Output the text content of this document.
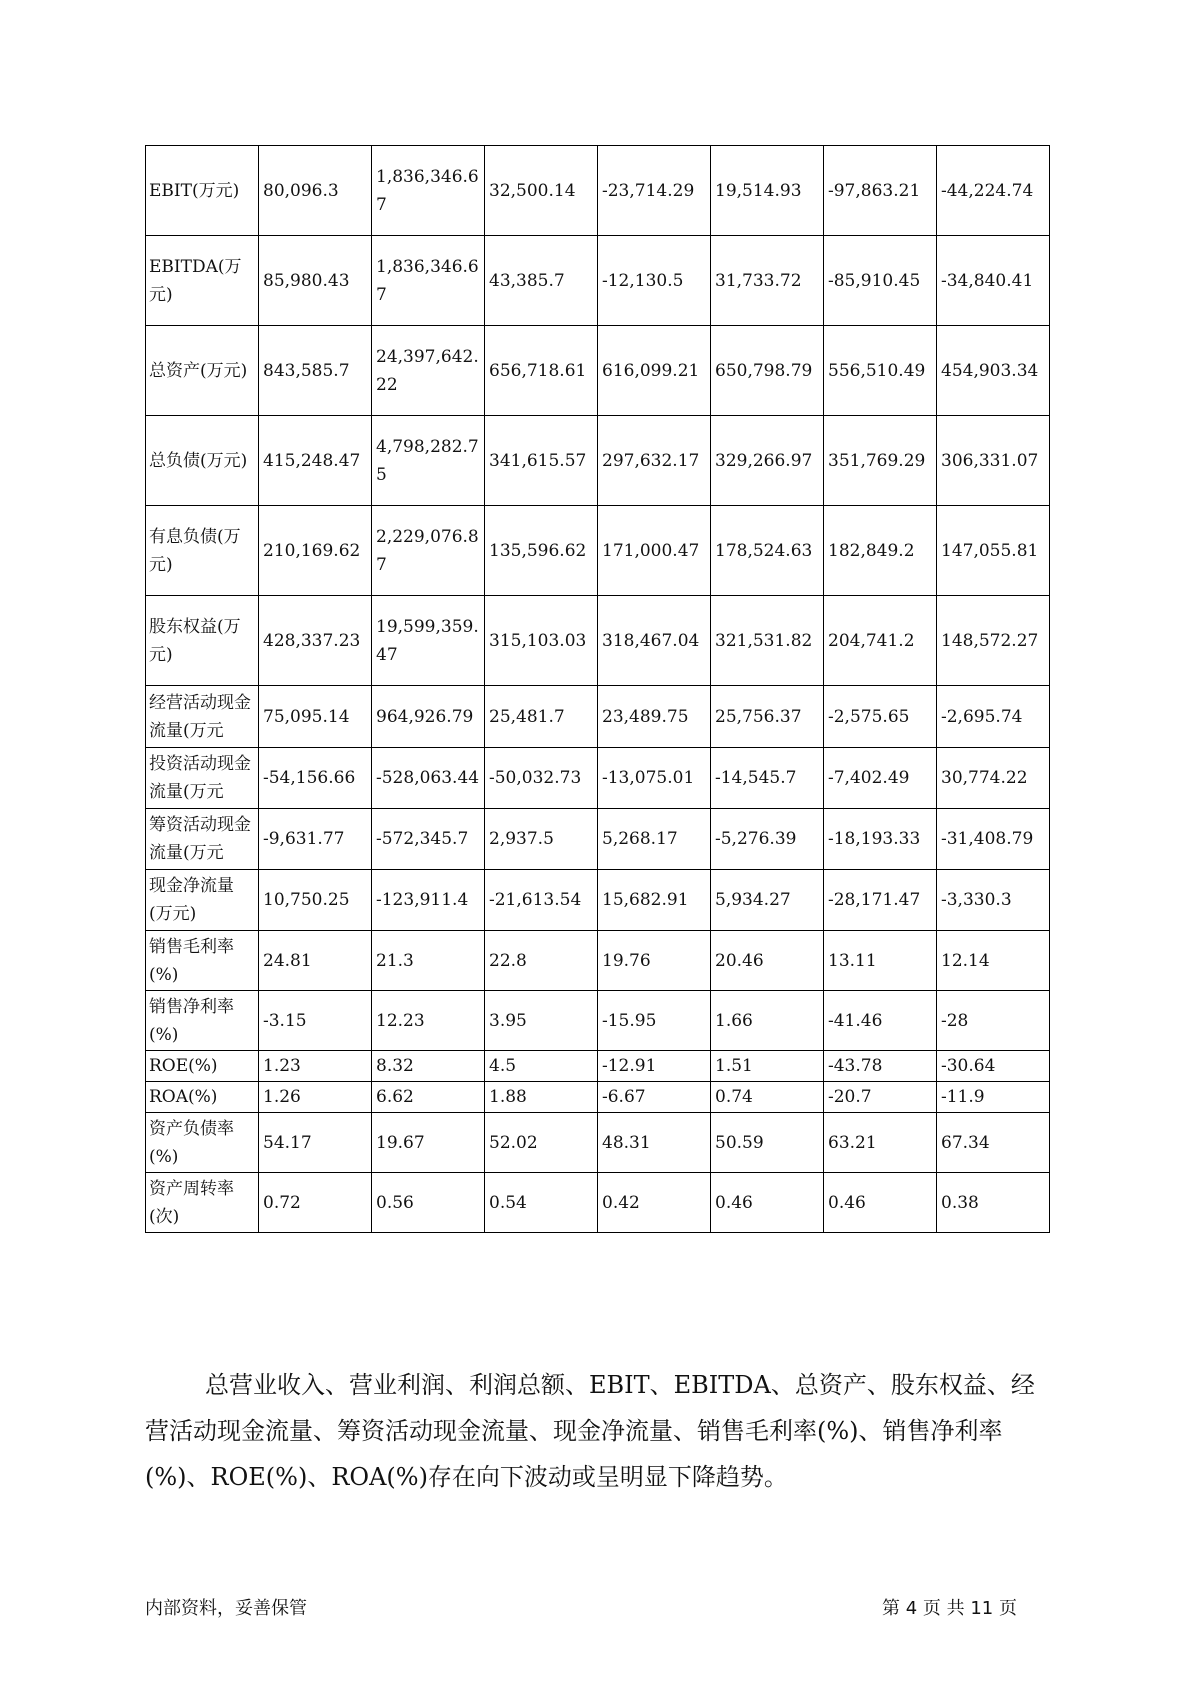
EBIT(万元)	80,096.3	1,836,346.67	32,500.14	-23,714.29	19,514.93	-97,863.21	-44,224.74
EBITDA(万元)	85,980.43	1,836,346.67	43,385.7	-12,130.5	31,733.72	-85,910.45	-34,840.41
总资产(万元)	843,585.7	24,397,642.22	656,718.61	616,099.21	650,798.79	556,510.49	454,903.34
总负债(万元)	415,248.47	4,798,282.75	341,615.57	297,632.17	329,266.97	351,769.29	306,331.07
有息负债(万元)	210,169.62	2,229,076.87	135,596.62	171,000.47	178,524.63	182,849.2	147,055.81
股东权益(万元)	428,337.23	19,599,359.47	315,103.03	318,467.04	321,531.82	204,741.2	148,572.27
经营活动现金流量(万元	75,095.14	964,926.79	25,481.7	23,489.75	25,756.37	-2,575.65	-2,695.74
投资活动现金流量(万元	-54,156.66	-528,063.44	-50,032.73	-13,075.01	-14,545.7	-7,402.49	30,774.22
筹资活动现金流量(万元	-9,631.77	-572,345.7	2,937.5	5,268.17	-5,276.39	-18,193.33	-31,408.79
现金净流量(万元)	10,750.25	-123,911.4	-21,613.54	15,682.91	5,934.27	-28,171.47	-3,330.3
销售毛利率(%)	24.81	21.3	22.8	19.76	20.46	13.11	12.14
销售净利率(%)	-3.15	12.23	3.95	-15.95	1.66	-41.46	-28
ROE(%)	1.23	8.32	4.5	-12.91	1.51	-43.78	-30.64
ROA(%)	1.26	6.62	1.88	-6.67	0.74	-20.7	-11.9
资产负债率(%)	54.17	19.67	52.02	48.31	50.59	63.21	67.34
资产周转率(次)	0.72	0.56	0.54	0.42	0.46	0.46	0.38
总营业收入、营业利润、利润总额、EBIT、EBITDA、总资产、股东权益、经营活动现金流量、筹资活动现金流量、现金净流量、销售毛利率(%)、销售净利率(%)、ROE(%)、ROA(%)存在向下波动或呈明显下降趋势。
内部资料，妥善保管	第 4 页 共 11 页
